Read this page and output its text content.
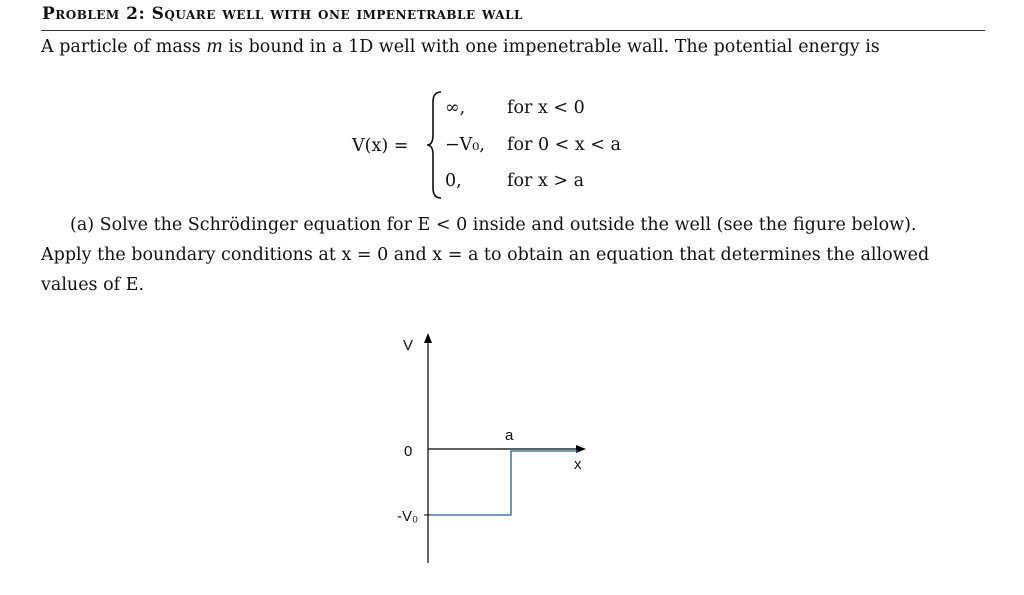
Problem 2: Square well with one impenetrable wall
A particle of mass m is bound in a 1D well with one impenetrable wall. The potential energy is
V(x) =
∞, for x < 0
−V₀, for 0 < x < a
0,	for x > a
(a) Solve the Schrödinger equation for E < 0 inside and outside the well (see the figure below).
Apply the boundary conditions at x = 0 and x = a to obtain an equation that determines the allowed
values of E.
V
x
0
-V₀
a
